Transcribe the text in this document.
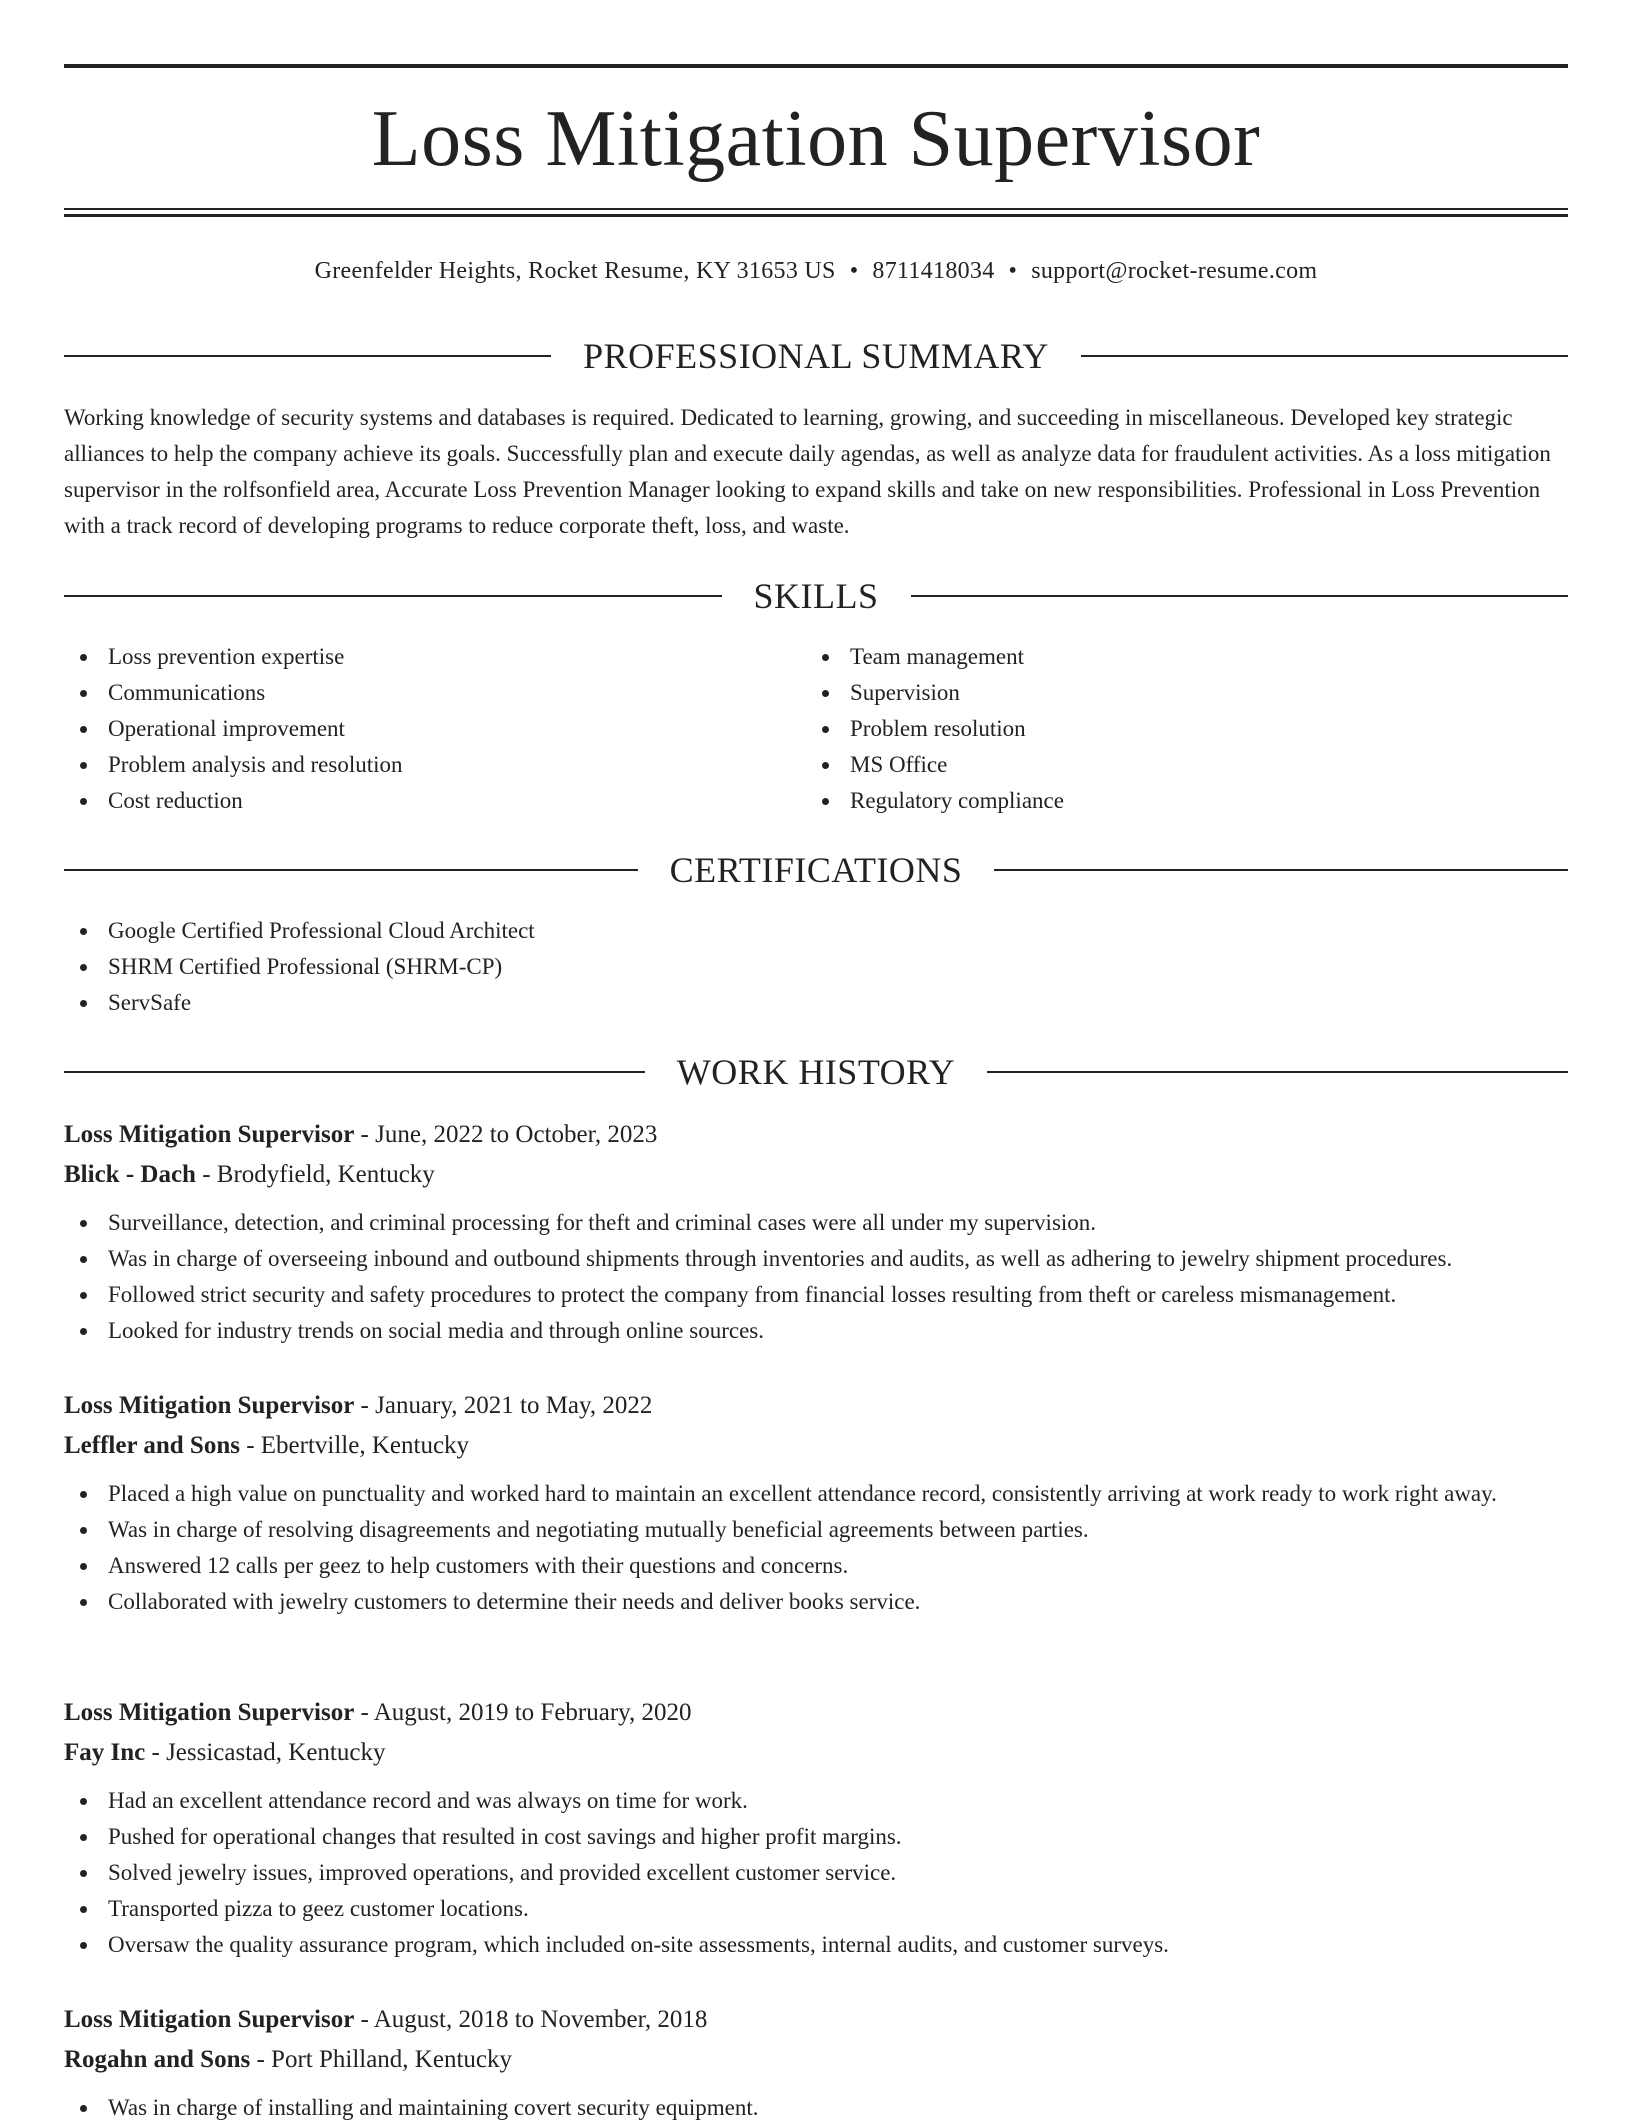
Loss Mitigation Supervisor
Greenfelder Heights, Rocket Resume, KY 31653 US • 8711418034 • support@rocket-resume.com
PROFESSIONAL SUMMARY

Working knowledge of security systems and databases is required. Dedicated to learning, growing, and succeeding in miscellaneous. Developed key strategic alliances to help the company achieve its goals. Successfully plan and execute daily agendas, as well as analyze data for fraudulent activities. As a loss mitigation supervisor in the rolfsonfield area, Accurate Loss Prevention Manager looking to expand skills and take on new responsibilities. Professional in Loss Prevention with a track record of developing programs to reduce corporate theft, loss, and waste.

SKILLS
Loss prevention expertise
Communications
Operational improvement
Problem analysis and resolution
Cost reduction
Team management
Supervision
Problem resolution
MS Office
Regulatory compliance
CERTIFICATIONS
Google Certified Professional Cloud Architect
SHRM Certified Professional (SHRM-CP)
ServSafe
WORK HISTORY

Loss Mitigation Supervisor - June, 2022 to October, 2023

Blick - Dach - Brodyfield, Kentucky

Surveillance, detection, and criminal processing for theft and criminal cases were all under my supervision.
Was in charge of overseeing inbound and outbound shipments through inventories and audits, as well as adhering to jewelry shipment procedures.
Followed strict security and safety procedures to protect the company from financial losses resulting from theft or careless mismanagement.
Looked for industry trends on social media and through online sources.

Loss Mitigation Supervisor - January, 2021 to May, 2022

Leffler and Sons - Ebertville, Kentucky

Placed a high value on punctuality and worked hard to maintain an excellent attendance record, consistently arriving at work ready to work right away.
Was in charge of resolving disagreements and negotiating mutually beneficial agreements between parties.
Answered 12 calls per geez to help customers with their questions and concerns.
Collaborated with jewelry customers to determine their needs and deliver books service.

Loss Mitigation Supervisor - August, 2019 to February, 2020

Fay Inc - Jessicastad, Kentucky

Had an excellent attendance record and was always on time for work.
Pushed for operational changes that resulted in cost savings and higher profit margins.
Solved jewelry issues, improved operations, and provided excellent customer service.
Transported pizza to geez customer locations.
Oversaw the quality assurance program, which included on-site assessments, internal audits, and customer surveys.

Loss Mitigation Supervisor - August, 2018 to November, 2018

Rogahn and Sons - Port Philland, Kentucky

Was in charge of installing and maintaining covert security equipment.
